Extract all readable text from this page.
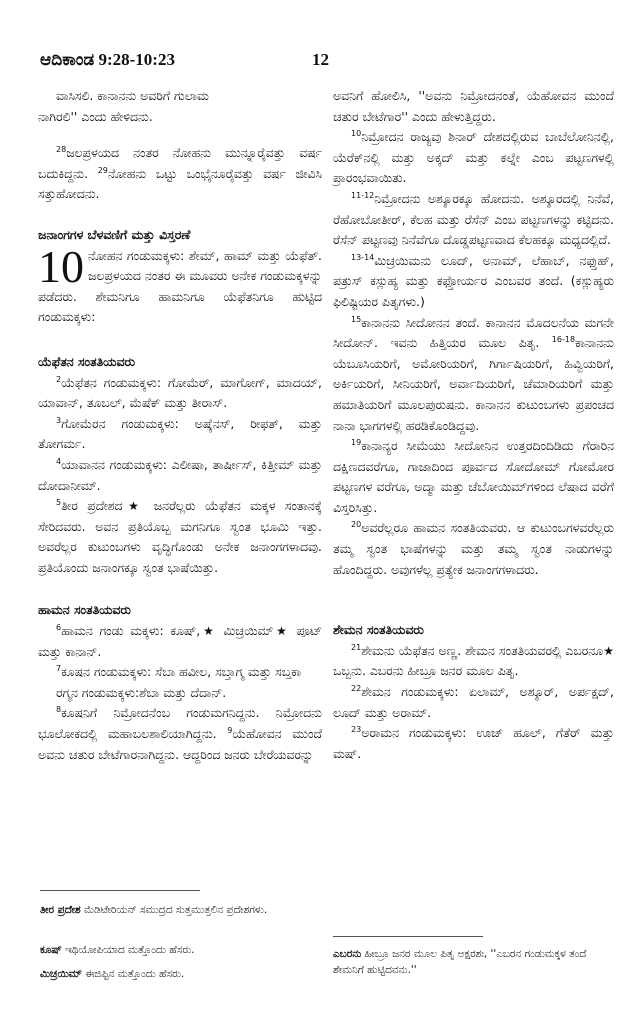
ಆದಿಕಾಂಡ 9:28-10:23	12

ವಾಸಿಸಲಿ. ಕಾನಾನನು ಅವರಿಗೆ ಗುಲಾಮ
ನಾಗಿರಲಿ'' ಎಂದು ಹೇಳಿದನು.

$^{28}$ಜಲಪ್ರಳಯದ ನಂತರ ನೋಹನು ಮುನ್ನೂರೈವತ್ತು ವರ್ಷ ಬದುಕಿದ್ದನು. $^{29}$ನೋಹನು ಒಟ್ಟು ಒಂಭೈನೂರೈವತ್ತು ವರ್ಷ ಜೀವಿಸಿ ಸತ್ತುಹೋದನು.

ಜನಾಂಗಗಳ ಬೆಳವಣಿಗೆ ಮತ್ತು ವಿಸ್ತರಣೆ

10 ನೋಹನ ಗಂಡುಮಕ್ಕಳು: ಶೇಮ್, ಹಾಮ್ ಮತ್ತು ಯೆಫೆತ್. ಜಲಪ್ರಳಯದ ನಂತರ ಈ ಮೂವರು ಅನೇಕ ಗಂಡುಮಕ್ಕಳನ್ನು ಪಡೆದರು. ಶೇಮನಿಗೂ ಹಾಮನಿಗೂ ಯೆಫೆತನಿಗೂ ಹುಟ್ಟಿದ ಗಂಡುಮಕ್ಕಳು:

ಯೆಫೆತನ ಸಂತತಿಯವರು

$^2$ಯೆಫೆತನ ಗಂಡುಮಕ್ಕಳು: ಗೋಮೆರ್, ಮಾಗೋಗ್, ಮಾದಯ್, ಯಾವಾನ್, ತೂಬಲ್, ಮೆಷೆಕ್ ಮತ್ತು ತೀರಾಸ್.

$^3$ಗೋಮೆರನ ಗಂಡುಮಕ್ಕಳು: ಅಷ್ಕೆನಸ್, ರೀಫತ್, ಮತ್ತು ತೋಗರ್ಮ.

$^4$ಯಾವಾನನ ಗಂಡುಮಕ್ಕಳು: ಎಲೀಷಾ, ತಾರ್ಷೀಸ್, ಕಿತ್ತೀಮ್ ಮತ್ತು ದೋದಾನೀಮ್.

$^5$ತೀರ ಪ್ರದೇಶದ★ ಜನರೆಲ್ಲರು ಯೆಫೆತನ ಮಕ್ಕಳ ಸಂತಾನಕ್ಕೆ ಸೇರಿದವರು. ಅವನ ಪ್ರತಿಯೊಬ್ಬ ಮಗನಿಗೂ ಸ್ವಂತ ಭೂಮಿ ಇತ್ತು. ಅವರೆಲ್ಲರ ಕುಟುಂಬಗಳು ವೃದ್ಧಿಗೊಂಡು ಅನೇಕ ಜನಾಂಗಗಳಾದವು. ಪ್ರತಿಯೊಂದು ಜನಾಂಗಕ್ಕೂ ಸ್ವಂತ ಭಾಷೆಯಿತ್ತು.

ಹಾಮನ ಸಂತತಿಯವರು

$^6$ಹಾಮನ ಗಂಡು ಮಕ್ಕಳು: ಕೂಷ್,★ ಮಿಚ್ರಯಿಮ್★ ಪೂಟ್ ಮತ್ತು ಕಾನಾನ್.

$^7$ಕೂಷನ ಗಂಡುಮಕ್ಕಳು: ಸೆಬಾ ಹವೀಲ, ಸಬ್ತಾಗ್ಮ ಮತ್ತು ಸಬ್ತಕಾ

ರಗ್ಮನ ಗಂಡುಮಕ್ಕಳು:ಶೆಬಾ ಮತ್ತು ದೆದಾನ್.

$^8$ಕೂಷನಿಗೆ ನಿಮ್ರೋದನೆಂಬ ಗಂಡುಮಗನಿದ್ದನು. ನಿಮ್ರೋದನು ಭೂಲೋಕದಲ್ಲಿ ಮಹಾಬಲಶಾಲಿಯಾಗಿದ್ದನು. $^9$ಯೆಹೋವನ ಮುಂದೆ ಅವನು ಚತುರ ಬೇಟೆಗಾರನಾಗಿದ್ದನು. ಆದ್ದರಿಂದ ಜನರು ಬೇರೆಯವರನ್ನು

ಅವನಿಗೆ ಹೋಲಿಸಿ, ''ಅವನು ನಿಮ್ರೋದನಂತೆ, ಯೆಹೋವನ ಮುಂದೆ ಚತುರ ಬೇಟೆಗಾರ'' ಎಂದು ಹೇಳುತ್ತಿದ್ದರು.

$^{10}$ನಿಮ್ರೋದನ ರಾಜ್ಯವು ಶಿನಾರ್ ದೇಶದಲ್ಲಿರುವ ಬಾಬೆಲೋನಿನಲ್ಲಿ, ಯೆರೆಕ್‌ನಲ್ಲಿ ಮತ್ತು ಅಕ್ಕದ್ ಮತ್ತು ಕಲ್ನೇ ಎಂಬ ಪಟ್ಟಣಗಳಲ್ಲಿ ಪ್ರಾರಂಭವಾಯಿತು.

$^{11-12}$ನಿಮ್ರೋದನು ಅಶ್ಶೂರಕ್ಕೂ ಹೋದನು. ಅಶ್ಶೂರದಲ್ಲಿ ನಿನೆವೆ, ರೆಹೋಬೋತೀರ್, ಕೆಲಹ ಮತ್ತು ರೆಸೆನ್ ಎಂಬ ಪಟ್ಟಣಗಳನ್ನು ಕಟ್ಟಿದನು. ರೆಸೆನ್ ಪಟ್ಟಣವು ನಿನೆವೆಗೂ ದೊಡ್ಡಪಟ್ಟಣವಾದ ಕೆಲಹಕ್ಕೂ ಮಧ್ಯದಲ್ಲಿದೆ.

$^{13-14}$ಮಿಚ್ರಯಿಮನು ಲೂದ್, ಅನಾಮ್, ಲೆಹಾಬ್, ನಫ್ತುಹ್, ಪತ್ರುಸ್ ಕಸ್ಲುಹ್ಯ ಮತ್ತು ಕಫ್ತೋರ್ಯರ ಎಂಬವರ ತಂದೆ. (ಕಸ್ಲುಹ್ಯರು ಫಿಲಿಷ್ಟಿಯರ ಪಿತೃಗಳು.)

$^{15}$ಕಾನಾನನು ಸೀದೋನನ ತಂದೆ. ಕಾನಾನನ ಮೊದಲನೆಯ ಮಗನೇ ಸೀದೋನ್. ಇವನು ಹಿತ್ತಿಯರ ಮೂಲ ಪಿತೃ. $^{16-18}$ಕಾನಾನನು ಯೆಬೂಸಿಯರಿಗೆ, ಅಮೋರಿಯರಿಗೆ, ಗಿರ್ಗಾಷಿಯರಿಗೆ, ಹಿವ್ವಿಯರಿಗೆ, ಅರ್ಕಿಯರಿಗೆ, ಸೀನಿಯರಿಗೆ, ಅರ್ವಾದಿಯರಿಗೆ, ಚೆಮಾರಿಯರಿಗೆ ಮತ್ತು ಹಮಾತಿಯರಿಗೆ ಮೂಲಪುರುಷನು. ಕಾನಾನನ ಕುಟುಂಬಗಳು ಪ್ರಪಂಚದ ನಾನಾ ಭಾಗಗಳಲ್ಲಿ ಹರಡಿಕೊಂಡಿದ್ದವು.

$^{19}$ಕಾನಾನ್ಯರ ಸೀಮೆಯು ಸೀದೋನಿನ ಉತ್ತರದಿಂದಿಡಿದು ಗೆರಾರಿನ ದಕ್ಷಿಣದವರೆಗೂ, ಗಾಜಾದಿಂದ ಪೂರ್ವದ ಸೋದೋಮ್ ಗೋಮೋರ ಪಟ್ಟಣಗಳ ವರೆಗೂ, ಅದ್ಮಾ ಮತ್ತು ಚೆಬೋಯಿಮ್‌ಗಳಿಂದ ಲೆಷಾದ ವರೆಗೆ ವಿಸ್ತರಿಸಿತ್ತು.

$^{20}$ಅವರೆಲ್ಲರೂ ಹಾಮನ ಸಂತತಿಯವರು. ಆ ಕುಟುಂಬಗಳವರೆಲ್ಲರು ತಮ್ಮ ಸ್ವಂತ ಭಾಷೆಗಳನ್ನು ಮತ್ತು ತಮ್ಮ ಸ್ವಂತ ನಾಡುಗಳನ್ನು ಹೊಂದಿದ್ದರು. ಅವುಗಳೆಲ್ಲ ಪ್ರತ್ಯೇಕ ಜನಾಂಗಗಳಾದರು.

ಶೇಮನ ಸಂತತಿಯವರು

$^{21}$ಶೇಮನು ಯೆಫೆತನ ಅಣ್ಣ. ಶೇಮನ ಸಂತತಿಯವರಲ್ಲಿ ಎಬರನೂ★ ಒಬ್ಬನು. ಎಬರನು ಹೀಬ್ರೂ ಜನರ ಮೂಲ ಪಿತೃ.

$^{22}$ಶೇಮನ ಗಂಡುಮಕ್ಕಳು: ಏಲಾಮ್, ಅಶ್ಶೂರ್, ಅರ್ಪಕ್ಷದ್, ಲೂದ್ ಮತ್ತು ಅರಾಮ್.

$^{23}$ಅರಾಮನ ಗಂಡುಮಕ್ಕಳು: ಊಜ್ ಹೂಲ್, ಗೆತೆರ್ ಮತ್ತು ಮಷ್.

ತೀರ ಪ್ರದೇಶ ಮೆಡಿಟೇರಿಯನ್ ಸಮುದ್ರದ ಸುತ್ತಮುತ್ತಲಿನ ಪ್ರದೇಶಗಳು.
ಕೂಷ್ ಇಥಿಯೋಪಿಯಾದ ಮತ್ತೊಂದು ಹೆಸರು.
ಮಿಚ್ರಯಿಮ್ ಈಜಿಪ್ಟಿನ ಮತ್ತೊಂದು ಹೆಸರು.
ಎಬರನು ಹೀಬ್ರೂ ಜನರ ಮೂಲ ಪಿತೃ ಅಕ್ಷರಶಃ, ''ಎಬರನ ಗಂಡುಮಕ್ಕಳ ತಂದೆ ಶೇಮನಿಗೆ ಹುಟ್ಟಿದವನು.''
